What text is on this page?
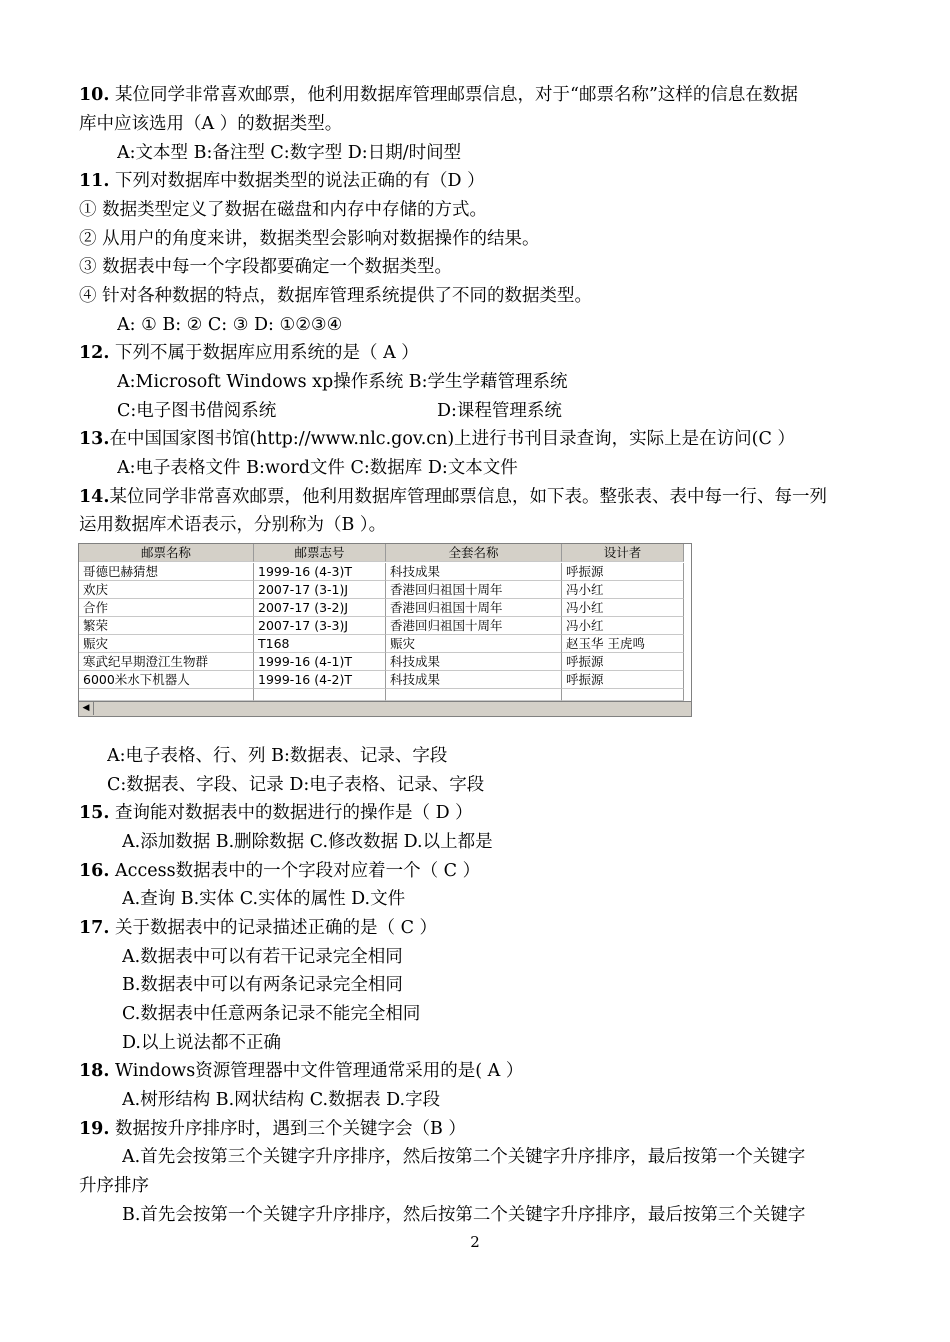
10. 某位同学非常喜欢邮票，他利用数据库管理邮票信息，对于“邮票名称”这样的信息在数据
库中应该选用（A ）的数据类型。
A:文本型 B:备注型 C:数字型 D:日期/时间型
11. 下列对数据库中数据类型的说法正确的有（D ）
① 数据类型定义了数据在磁盘和内存中存储的方式。
② 从用户的角度来讲，数据类型会影响对数据操作的结果。
③ 数据表中每一个字段都要确定一个数据类型。
④ 针对各种数据的特点，数据库管理系统提供了不同的数据类型。
A: ① B: ② C: ③ D: ①②③④
12. 下列不属于数据库应用系统的是（ A ）
A:Microsoft Windows xp操作系统 B:学生学藉管理系统
C:电子图书借阅系统	D:课程管理系统
13.在中国国家图书馆(http://www.nlc.gov.cn)上进行书刊目录查询，实际上是在访问(C ）
A:电子表格文件 B:word文件 C:数据库 D:文本文件
14.某位同学非常喜欢邮票，他利用数据库管理邮票信息，如下表。整张表、表中每一行、每一列
运用数据库术语表示，分别称为（B ）。
邮票名称	邮票志号	全套名称	设计者
哥德巴赫猜想	1999-16 (4-3)T	科技成果	呼振源
欢庆	2007-17 (3-1)J	香港回归祖国十周年	冯小红
合作	2007-17 (3-2)J	香港回归祖国十周年	冯小红
繁荣	2007-17 (3-3)J	香港回归祖国十周年	冯小红
赈灾	T168	赈灾	赵玉华 王虎鸣
寒武纪早期澄江生物群	1999-16 (4-1)T	科技成果	呼振源
6000米水下机器人	1999-16 (4-2)T	科技成果	呼振源
◀
A:电子表格、行、列 B:数据表、记录、字段
C:数据表、字段、记录 D:电子表格、记录、字段
15. 查询能对数据表中的数据进行的操作是（ D ）
A.添加数据 B.删除数据 C.修改数据 D.以上都是
16. Access数据表中的一个字段对应着一个（ C ）
A.查询 B.实体 C.实体的属性 D.文件
17. 关于数据表中的记录描述正确的是（ C ）
A.数据表中可以有若干记录完全相同
B.数据表中可以有两条记录完全相同
C.数据表中任意两条记录不能完全相同
D.以上说法都不正确
18. Windows资源管理器中文件管理通常采用的是( A ）
A.树形结构 B.网状结构 C.数据表 D.字段
19. 数据按升序排序时，遇到三个关键字会（B ）
A.首先会按第三个关键字升序排序，然后按第二个关键字升序排序，最后按第一个关键字
升序排序
B.首先会按第一个关键字升序排序，然后按第二个关键字升序排序，最后按第三个关键字
2
